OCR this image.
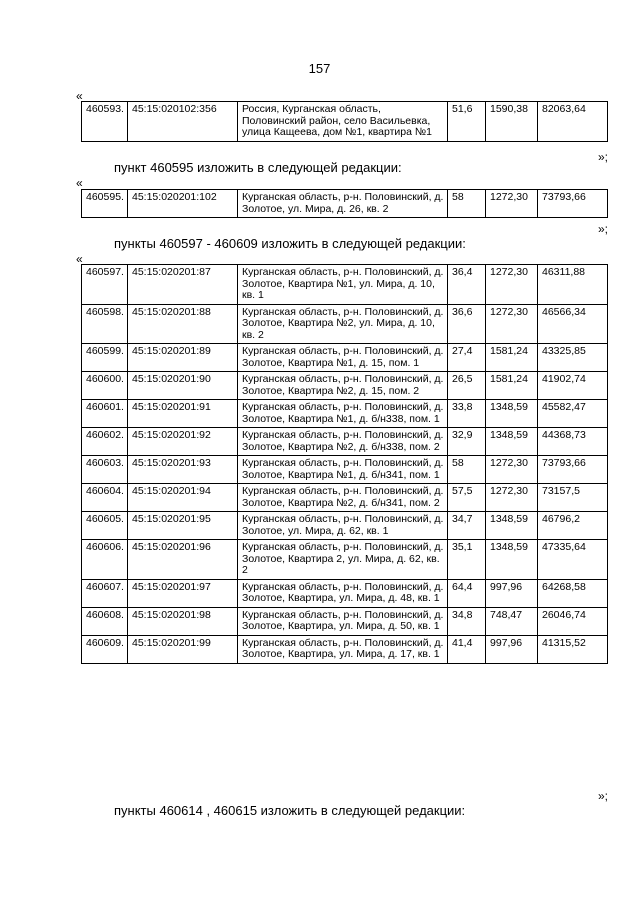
157
«
460593.	45:15:020102:356	Россия, Курганская область, Половинский район, село Васильевка, улица Кащеева, дом №1, квартира №1	51,6	1590,38	82063,64
»;
пункт 460595 изложить в следующей редакции:
«
460595.	45:15:020201:102	Курганская область, р-н. Половинский, д. Золотое, ул. Мира, д. 26, кв. 2	58	1272,30	73793,66
»;
пункты 460597 - 460609 изложить в следующей редакции:
«
460597.	45:15:020201:87	Курганская область, р-н. Половинский, д. Золотое, Квартира №1, ул. Мира, д. 10, кв. 1	36,4	1272,30	46311,88
460598.	45:15:020201:88	Курганская область, р-н. Половинский, д. Золотое, Квартира №2, ул. Мира, д. 10, кв. 2	36,6	1272,30	46566,34
460599.	45:15:020201:89	Курганская область, р-н. Половинский, д. Золотое, Квартира №1, д. 15, пом. 1	27,4	1581,24	43325,85
460600.	45:15:020201:90	Курганская область, р-н. Половинский, д. Золотое, Квартира №2, д. 15, пом. 2	26,5	1581,24	41902,74
460601.	45:15:020201:91	Курганская область, р-н. Половинский, д. Золотое, Квартира №1, д. б/н338, пом. 1	33,8	1348,59	45582,47
460602.	45:15:020201:92	Курганская область, р-н. Половинский, д. Золотое, Квартира №2, д. б/н338, пом. 2	32,9	1348,59	44368,73
460603.	45:15:020201:93	Курганская область, р-н. Половинский, д. Золотое, Квартира №1, д. б/н341, пом. 1	58	1272,30	73793,66
460604.	45:15:020201:94	Курганская область, р-н. Половинский, д. Золотое, Квартира №2, д. б/н341, пом. 2	57,5	1272,30	73157,5
460605.	45:15:020201:95	Курганская область, р-н. Половинский, д. Золотое, ул. Мира, д. 62, кв. 1	34,7	1348,59	46796,2
460606.	45:15:020201:96	Курганская область, р-н. Половинский, д. Золотое, Квартира 2, ул. Мира, д. 62, кв. 2	35,1	1348,59	47335,64
460607.	45:15:020201:97	Курганская область, р-н. Половинский, д. Золотое, Квартира, ул. Мира, д. 48, кв. 1	64,4	997,96	64268,58
460608.	45:15:020201:98	Курганская область, р-н. Половинский, д. Золотое, Квартира, ул. Мира, д. 50, кв. 1	34,8	748,47	26046,74
460609.	45:15:020201:99	Курганская область, р-н. Половинский, д. Золотое, Квартира, ул. Мира, д. 17, кв. 1	41,4	997,96	41315,52
»;
пункты 460614 , 460615 изложить в следующей редакции:
